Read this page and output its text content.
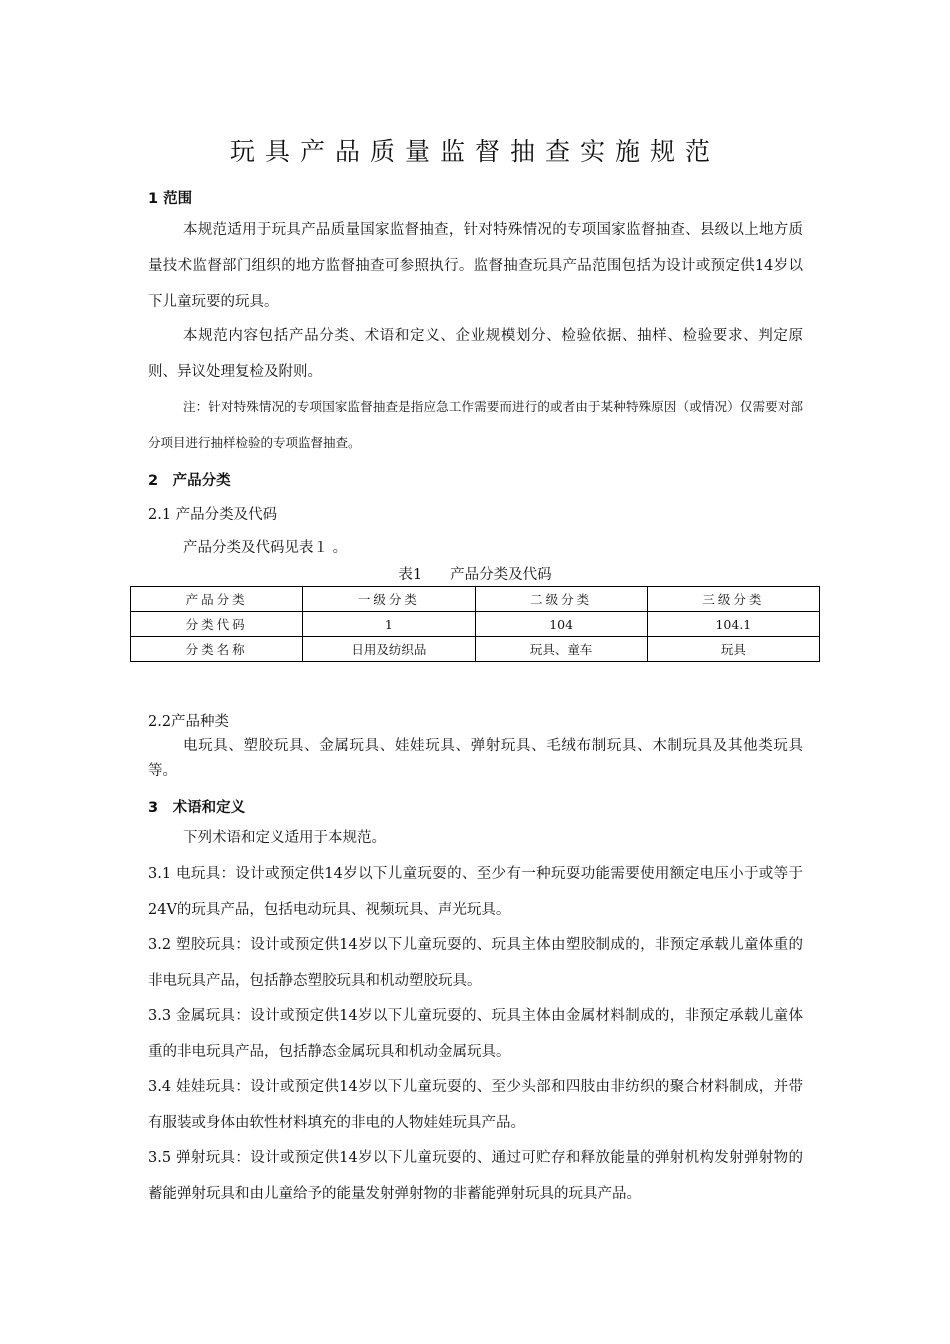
玩具产品质量监督抽查实施规范
1 范围
本规范适用于玩具产品质量国家监督抽查，针对特殊情况的专项国家监督抽查、县级以上地方质量技术监督部门组织的地方监督抽查可参照执行。监督抽查玩具产品范围包括为设计或预定供14岁以下儿童玩要的玩具。
本规范内容包括产品分类、术语和定义、企业规模划分、检验依据、抽样、检验要求、判定原则、异议处理复检及附则。
注：针对特殊情况的专项国家监督抽查是指应急工作需要而进行的或者由于某种特殊原因（或情况）仅需要对部分项目进行抽样检验的专项监督抽查。
2　产品分类
2.1 产品分类及代码
产品分类及代码见表１ 。
表1 产品分类及代码
产品分类	一级分类	二级分类	三级分类
分类代码	1	104	104.1
分类名称	日用及纺织品	玩具、童车	玩具
2.2产品种类
电玩具、塑胶玩具、金属玩具、娃娃玩具、弹射玩具、毛绒布制玩具、木制玩具及其他类玩具等。
3　术语和定义
下列术语和定义适用于本规范。
3.1 电玩具：设计或预定供14岁以下儿童玩耍的、至少有一种玩耍功能需要使用额定电压小于或等于24V的玩具产品，包括电动玩具、视频玩具、声光玩具。
3.2 塑胶玩具：设计或预定供14岁以下儿童玩耍的、玩具主体由塑胶制成的，非预定承载儿童体重的非电玩具产品，包括静态塑胶玩具和机动塑胶玩具。
3.3 金属玩具：设计或预定供14岁以下儿童玩耍的、玩具主体由金属材料制成的，非预定承载儿童体重的非电玩具产品，包括静态金属玩具和机动金属玩具。
3.4 娃娃玩具：设计或预定供14岁以下儿童玩耍的、至少头部和四肢由非纺织的聚合材料制成，并带有服装或身体由软性材料填充的非电的人物娃娃玩具产品。
3.5 弹射玩具：设计或预定供14岁以下儿童玩耍的、通过可贮存和释放能量的弹射机构发射弹射物的蓄能弹射玩具和由儿童给予的能量发射弹射物的非蓄能弹射玩具的玩具产品。
